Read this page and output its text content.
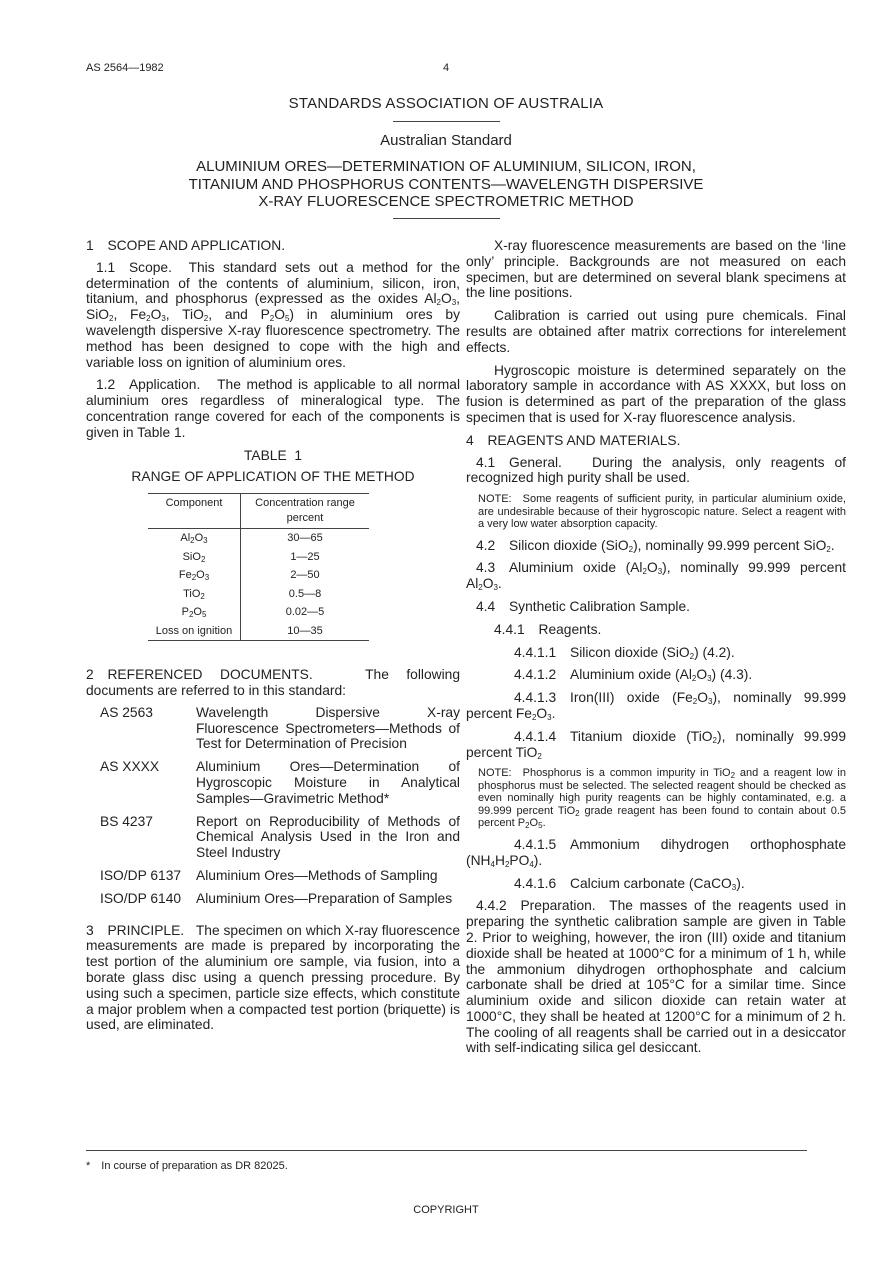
AS 2564—1982	4
STANDARDS ASSOCIATION OF AUSTRALIA
Australian Standard
ALUMINIUM ORES—DETERMINATION OF ALUMINIUM, SILICON, IRON,
TITANIUM AND PHOSPHORUS CONTENTS—WAVELENGTH DISPERSIVE
X-RAY FLUORESCENCE SPECTROMETRIC METHOD

1 SCOPE AND APPLICATION.

1.1 Scope. This standard sets out a method for the determination of the contents of aluminium, silicon, iron, titanium, and phosphorus (expressed as the oxides $Al_2O_3$, SiO$_2$, $Fe_2O_3$, TiO$_2$, and $P_2O_5$) in aluminium ores by wavelength dispersive X-ray fluorescence spectrometry. The method has been designed to cope with the high and variable loss on ignition of aluminium ores.

1.2 Application. The method is applicable to all normal aluminium ores regardless of mineralogical type. The concentration range covered for each of the components is given in Table 1.

TABLE  1
RANGE OF APPLICATION OF THE METHOD
Component	Concentration range percent
$Al_2O_3$	30—65
SiO$_2$	1—25
$Fe_2O_3$	2—50
TiO$_2$	0.5—8
$P_2O_5$	0.02—5
Loss on ignition	10—35

2 REFERENCED DOCUMENTS.	The following documents are referred to in this standard:

AS 2563	Wavelength Dispersive X-ray Fluorescence Spectrometers—Methods of Test for Determination of Precision
AS XXXX	Aluminium Ores—Determination of Hygroscopic Moisture in Analytical Samples—Gravimetric Method*
BS 4237	Report on Reproducibility of Methods of Chemical Analysis Used in the Iron and Steel Industry
ISO/DP 6137	Aluminium Ores—Methods of Sampling
ISO/DP 6140	Aluminium Ores—Preparation of Samples

3 PRINCIPLE. The specimen on which X-ray fluorescence measurements are made is prepared by incorporating the test portion of the aluminium ore sample, via fusion, into a borate glass disc using a quench pressing procedure. By using such a specimen, particle size effects, which constitute a major problem when a compacted test portion (briquette) is used, are eliminated.

X-ray fluorescence measurements are based on the ‘line only’ principle. Backgrounds are not measured on each specimen, but are determined on several blank specimens at the line positions.

Calibration is carried out using pure chemicals. Final results are obtained after matrix corrections for interelement effects.

Hygroscopic moisture is determined separately on the laboratory sample in accordance with AS XXXX, but loss on fusion is determined as part of the preparation of the glass specimen that is used for X-ray fluorescence analysis.

4 REAGENTS AND MATERIALS.

4.1 General. During the analysis, only reagents of recognized high purity shall be used.

NOTE: Some reagents of sufficient purity, in particular aluminium oxide, are undesirable because of their hygroscopic nature. Select a reagent with a very low water absorption capacity.

4.2 Silicon dioxide (SiO$_2$), nominally 99.999 percent SiO$_2$.

4.3 Aluminium oxide $(Al_2O_3)$, nominally 99.999 percent $Al_2O_3$.

4.4 Synthetic Calibration Sample.

4.4.1 Reagents.

4.4.1.1 Silicon dioxide (SiO$_2$) (4.2).

4.4.1.2 Aluminium oxide $(Al_2O_3)$ (4.3).

4.4.1.3 Iron(III) oxide $(Fe_2O_3)$, nominally 99.999 percent $Fe_2O_3$.

4.4.1.4 Titanium dioxide (TiO$_2$), nominally 99.999 percent TiO$_2$

NOTE: Phosphorus is a common impurity in TiO$_2$ and a reagent low in phosphorus must be selected. The selected reagent should be checked as even nominally high purity reagents can be highly contaminated, e.g. a 99.999 percent TiO$_2$ grade reagent has been found to contain about 0.5 percent $P_2O_5$.

4.4.1.5 Ammonium dihydrogen orthophosphate $(NH_4H_2PO_4)$.

4.4.1.6 Calcium carbonate (CaCO$_3$).

4.4.2 Preparation. The masses of the reagents used in preparing the synthetic calibration sample are given in Table 2. Prior to weighing, however, the iron (III) oxide and titanium dioxide shall be heated at 1000°C for a minimum of 1 h, while the ammonium dihydrogen orthophosphate and calcium carbonate shall be dried at 105°C for a similar time. Since aluminium oxide and silicon dioxide can retain water at 1000°C, they shall be heated at 1200°C for a minimum of 2 h. The cooling of all reagents shall be carried out in a desiccator with self-indicating silica gel desiccant.

* In course of preparation as DR 82025.
COPYRIGHT
